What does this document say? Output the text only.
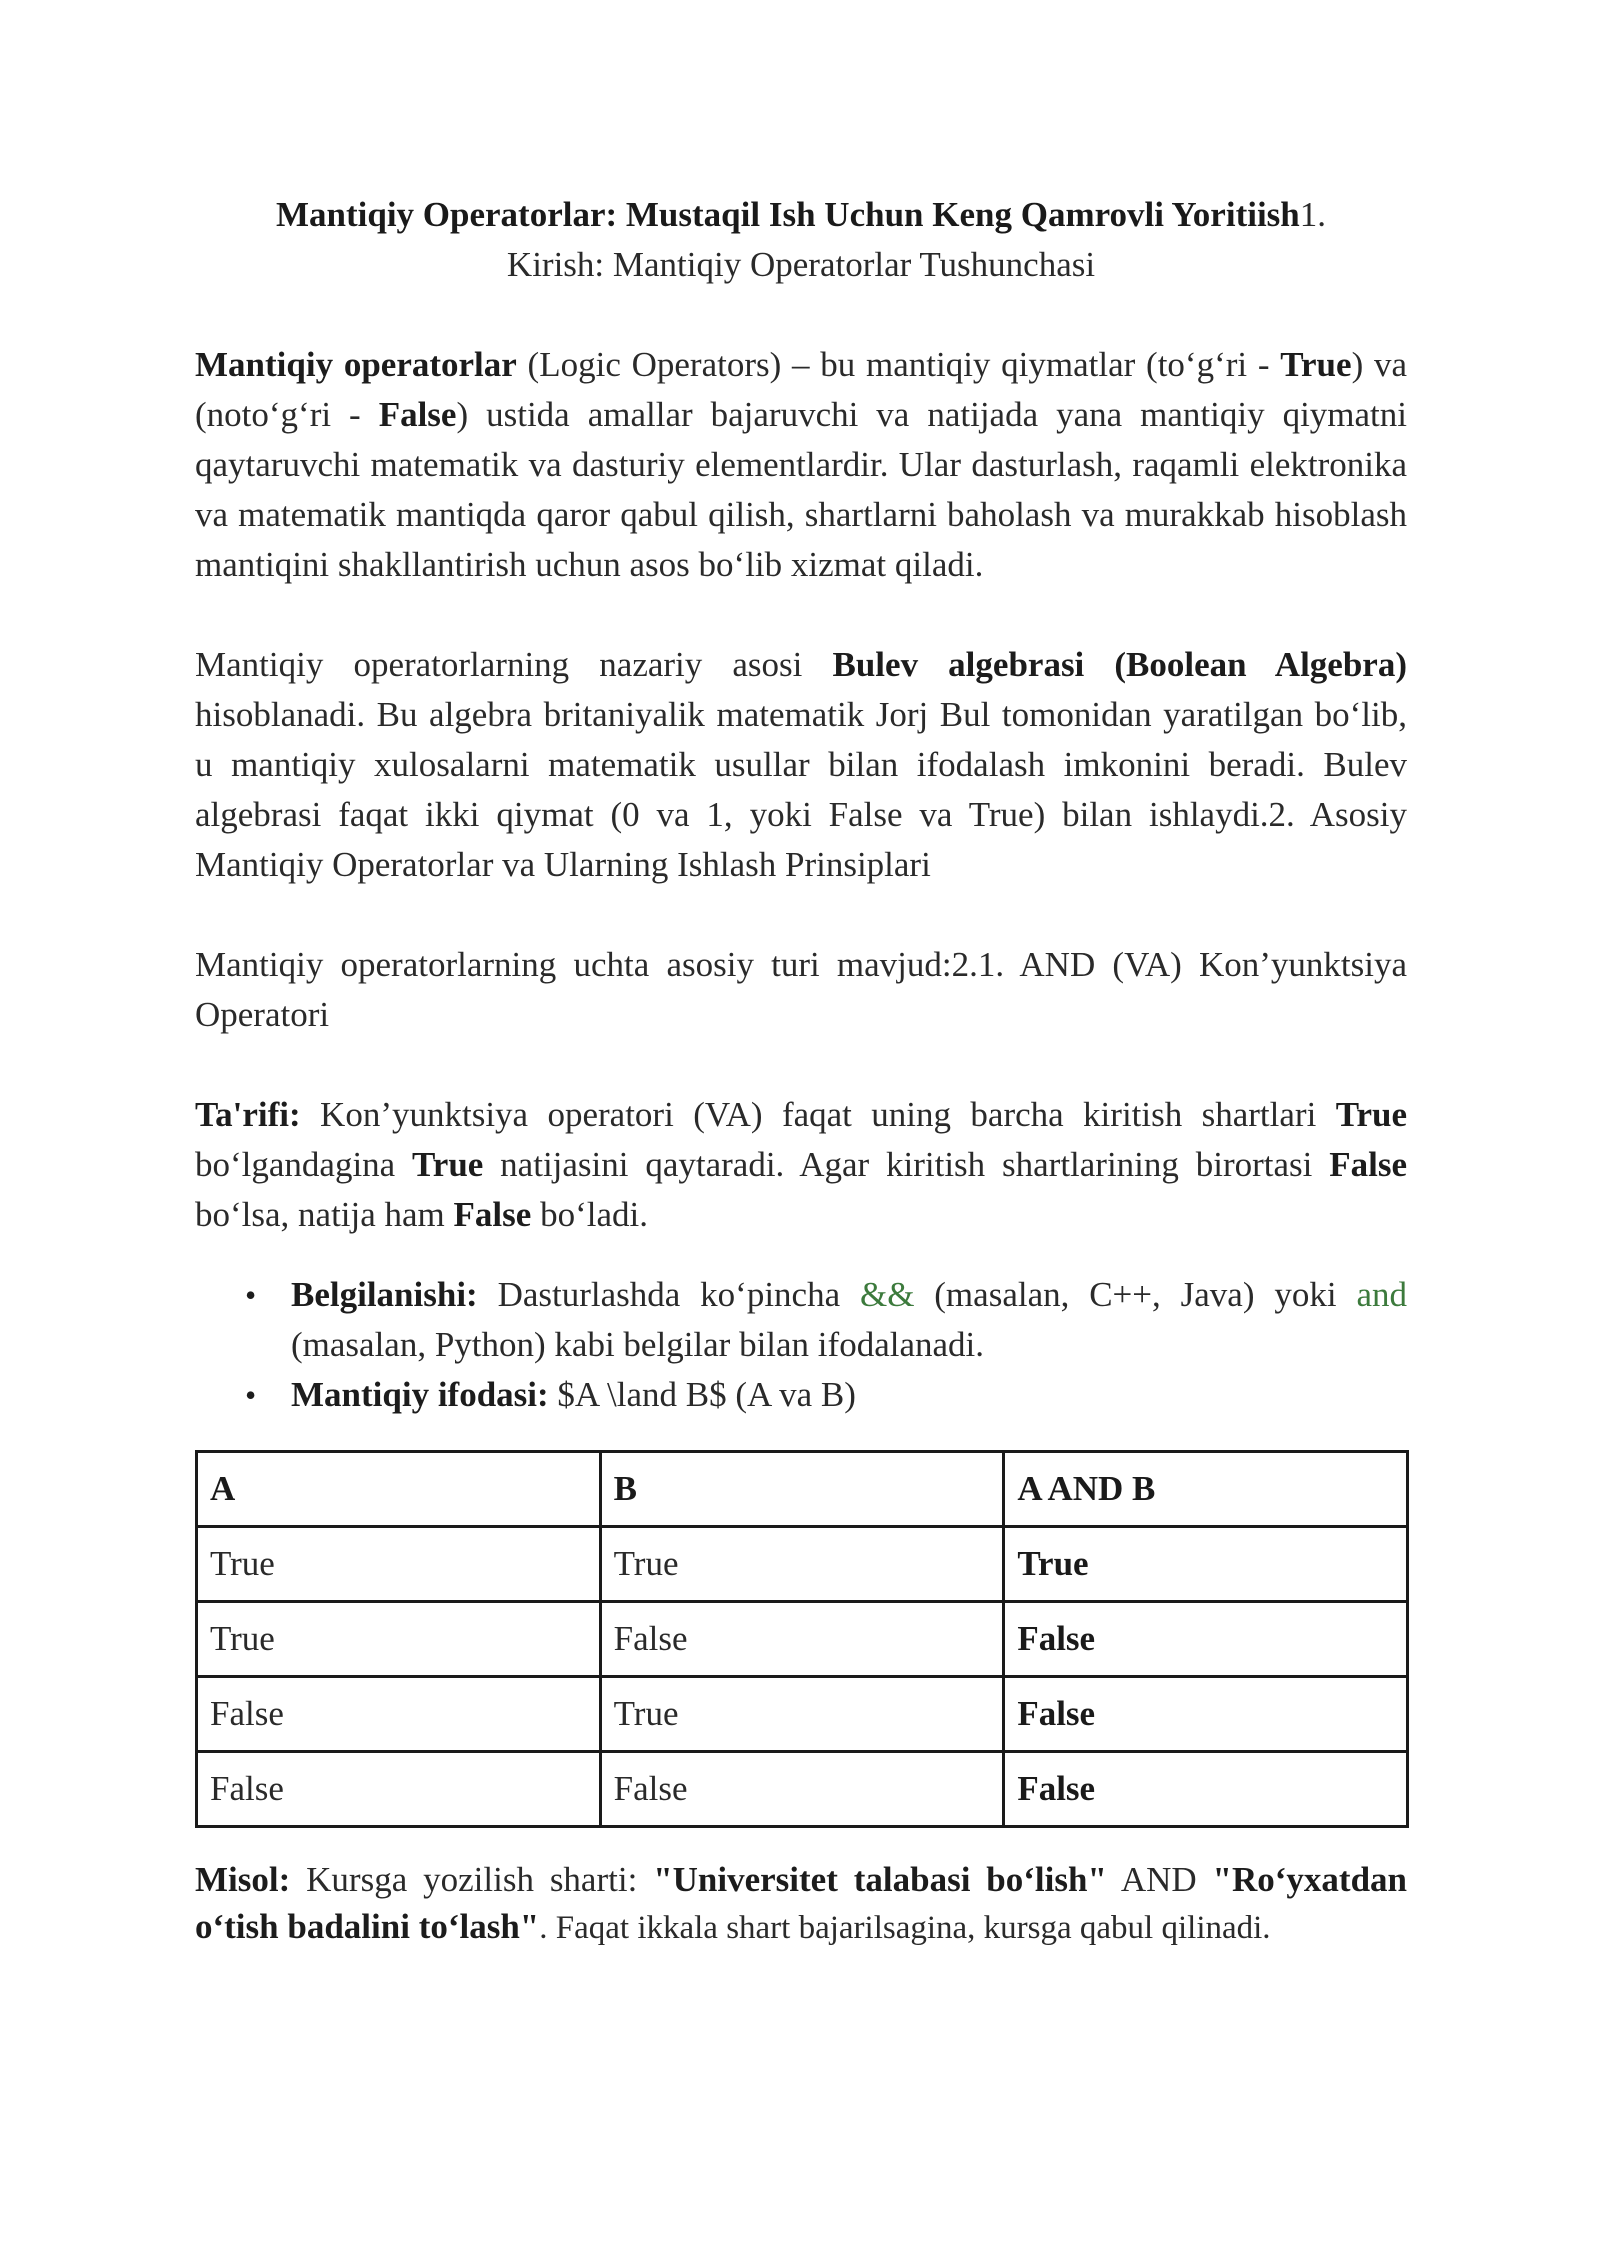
Mantiqiy Operatorlar: Mustaqil Ish Uchun Keng Qamrovli Yoritiish1.

Kirish: Mantiqiy Operatorlar Tushunchasi

Mantiqiy operatorlar (Logic Operators) – bu mantiqiy qiymatlar (to‘g‘ri - True) va (noto‘g‘ri - False) ustida amallar bajaruvchi va natijada yana mantiqiy qiymatni qaytaruvchi matematik va dasturiy elementlardir. Ular dasturlash, raqamli elektronika va matematik mantiqda qaror qabul qilish, shartlarni baholash va murakkab hisoblash mantiqini shakllantirish uchun asos bo‘lib xizmat qiladi.

Mantiqiy operatorlarning nazariy asosi Bulev algebrasi (Boolean Algebra) hisoblanadi. Bu algebra britaniyalik matematik Jorj Bul tomonidan yaratilgan bo‘lib, u mantiqiy xulosalarni matematik usullar bilan ifodalash imkonini beradi. Bulev algebrasi faqat ikki qiymat (0 va 1, yoki False va True) bilan ishlaydi.2. Asosiy Mantiqiy Operatorlar va Ularning Ishlash Prinsiplari

Mantiqiy operatorlarning uchta asosiy turi mavjud:2.1. AND (VA) Kon’yunktsiya Operatori

Ta'rifi: Kon’yunktsiya operatori (VA) faqat uning barcha kiritish shartlari True bo‘lgandagina True natijasini qaytaradi. Agar kiritish shartlarining birortasi False bo‘lsa, natija ham False bo‘ladi.

• Belgilanishi: Dasturlashda ko‘pincha && (masalan, C++, Java) yoki and (masalan, Python) kabi belgilar bilan ifodalanadi.
• Mantiqiy ifodasi: $A \land B$ (A va B)
A	B	A AND B
True	True	True
True	False	False
False	True	False
False	False	False

Misol: Kursga yozilish sharti: "Universitet talabasi bo‘lish" AND "Ro‘yxatdan o‘tish badalini to‘lash". Faqat ikkala shart bajarilsagina, kursga qabul qilinadi.
